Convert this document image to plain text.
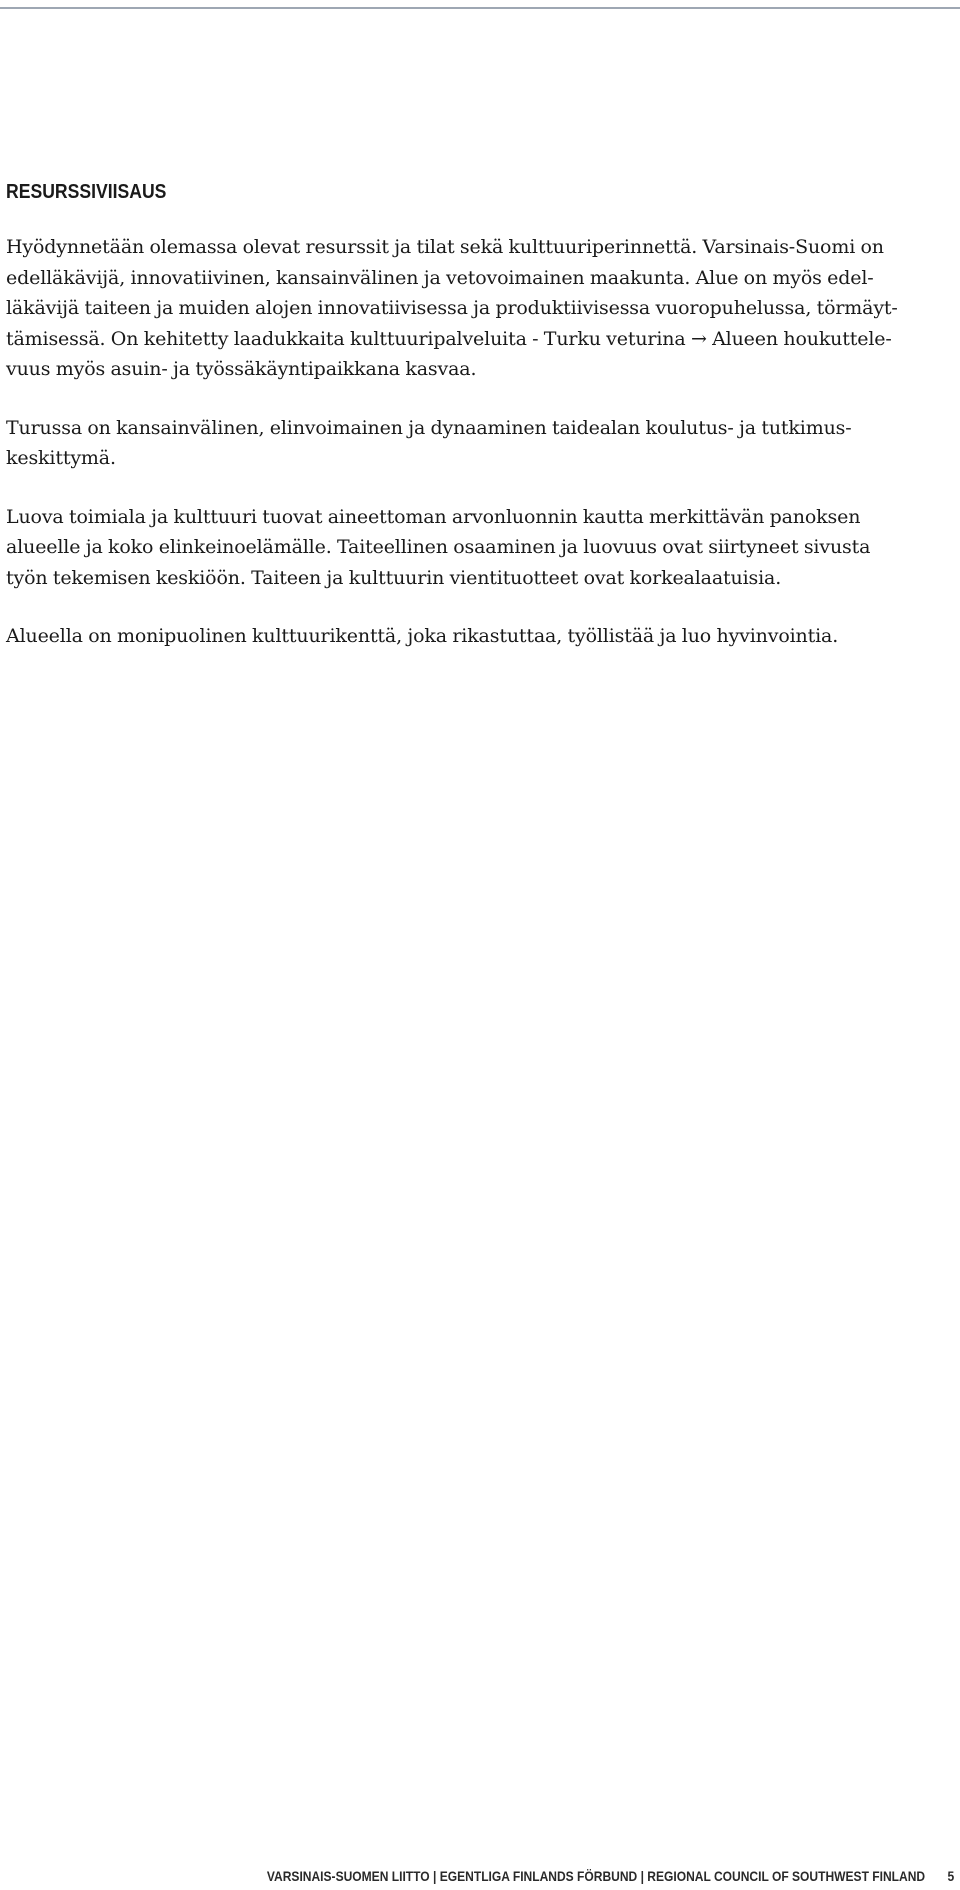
RESURSSIVIISAUS
Hyödynnetään olemassa olevat resurssit ja tilat sekä kulttuuriperinnettä. Varsinais-Suomi on
edelläkävijä, innovatiivinen, kansainvälinen ja vetovoimainen maakunta. Alue on myös edel-
läkävijä taiteen ja muiden alojen innovatiivisessa ja produktiivisessa vuoropuhelussa, törmäyt-
tämisessä. On kehitetty laadukkaita kulttuuripalveluita - Turku veturina → Alueen houkuttele-
vuus myös asuin- ja työssäkäyntipaikkana kasvaa.
Turussa on kansainvälinen, elinvoimainen ja dynaaminen taidealan koulutus- ja tutkimus-
keskittymä.
Luova toimiala ja kulttuuri tuovat aineettoman arvonluonnin kautta merkittävän panoksen
alueelle ja koko elinkeinoelämälle. Taiteellinen osaaminen ja luovuus ovat siirtyneet sivusta
työn tekemisen keskiöön. Taiteen ja kulttuurin vientituotteet ovat korkealaatuisia.
Alueella on monipuolinen kulttuurikenttä, joka rikastuttaa, työllistää ja luo hyvinvointia.
VARSINAIS-SUOMEN LIITTO | EGENTLIGA FINLANDS FÖRBUND | REGIONAL COUNCIL OF SOUTHWEST FINLAND 5
